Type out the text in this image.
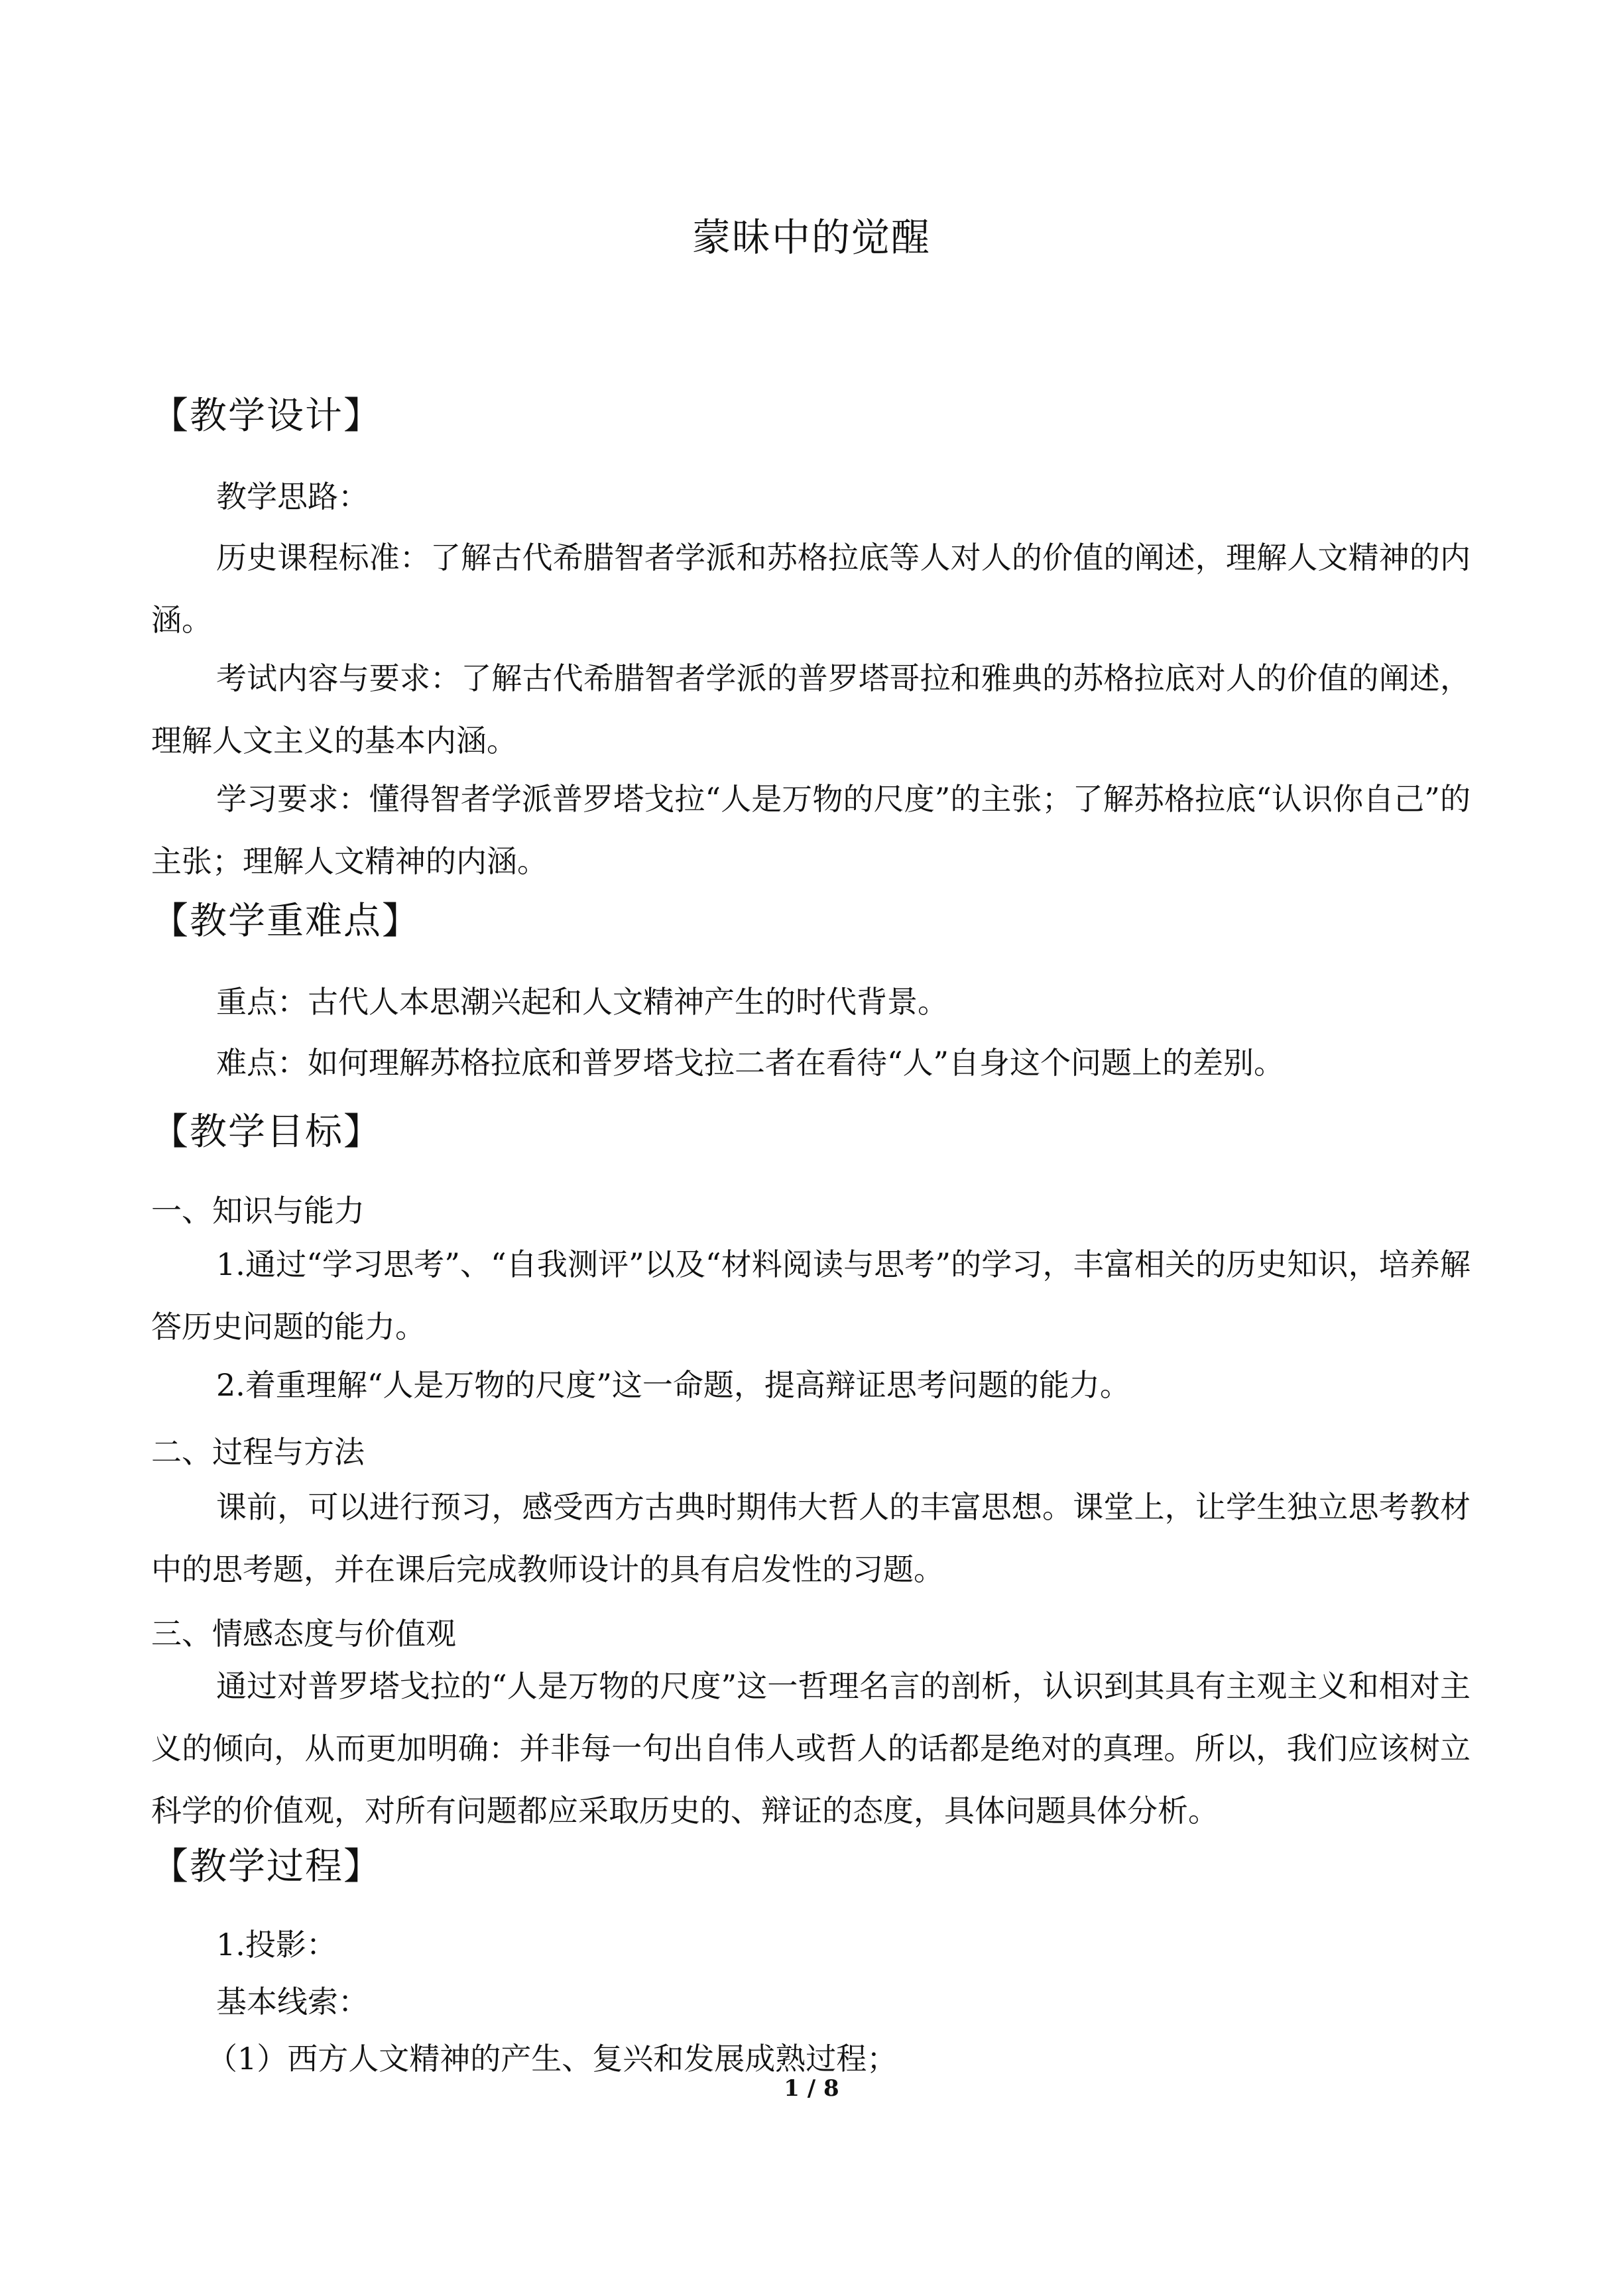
蒙昧中的觉醒
【教学设计】
教学思路：
历史课程标准：了解古代希腊智者学派和苏格拉底等人对人的价值的阐述，理解人文精神的内涵。
考试内容与要求：了解古代希腊智者学派的普罗塔哥拉和雅典的苏格拉底对人的价值的阐述，理解人文主义的基本内涵。
学习要求：懂得智者学派普罗塔戈拉“人是万物的尺度”的主张；了解苏格拉底“认识你自己”的主张；理解人文精神的内涵。
【教学重难点】
重点：古代人本思潮兴起和人文精神产生的时代背景。
难点：如何理解苏格拉底和普罗塔戈拉二者在看待“人”自身这个问题上的差别。
【教学目标】
一、知识与能力
1.通过“学习思考”、“自我测评”以及“材料阅读与思考”的学习，丰富相关的历史知识，培养解答历史问题的能力。
2.着重理解“人是万物的尺度”这一命题，提高辩证思考问题的能力。
二、过程与方法
课前，可以进行预习，感受西方古典时期伟大哲人的丰富思想。课堂上，让学生独立思考教材中的思考题，并在课后完成教师设计的具有启发性的习题。
三、情感态度与价值观
通过对普罗塔戈拉的“人是万物的尺度”这一哲理名言的剖析，认识到其具有主观主义和相对主义的倾向，从而更加明确：并非每一句出自伟人或哲人的话都是绝对的真理。所以，我们应该树立科学的价值观，对所有问题都应采取历史的、辩证的态度，具体问题具体分析。
【教学过程】
1.投影：
基本线索：
（1）西方人文精神的产生、复兴和发展成熟过程；
1 / 8
